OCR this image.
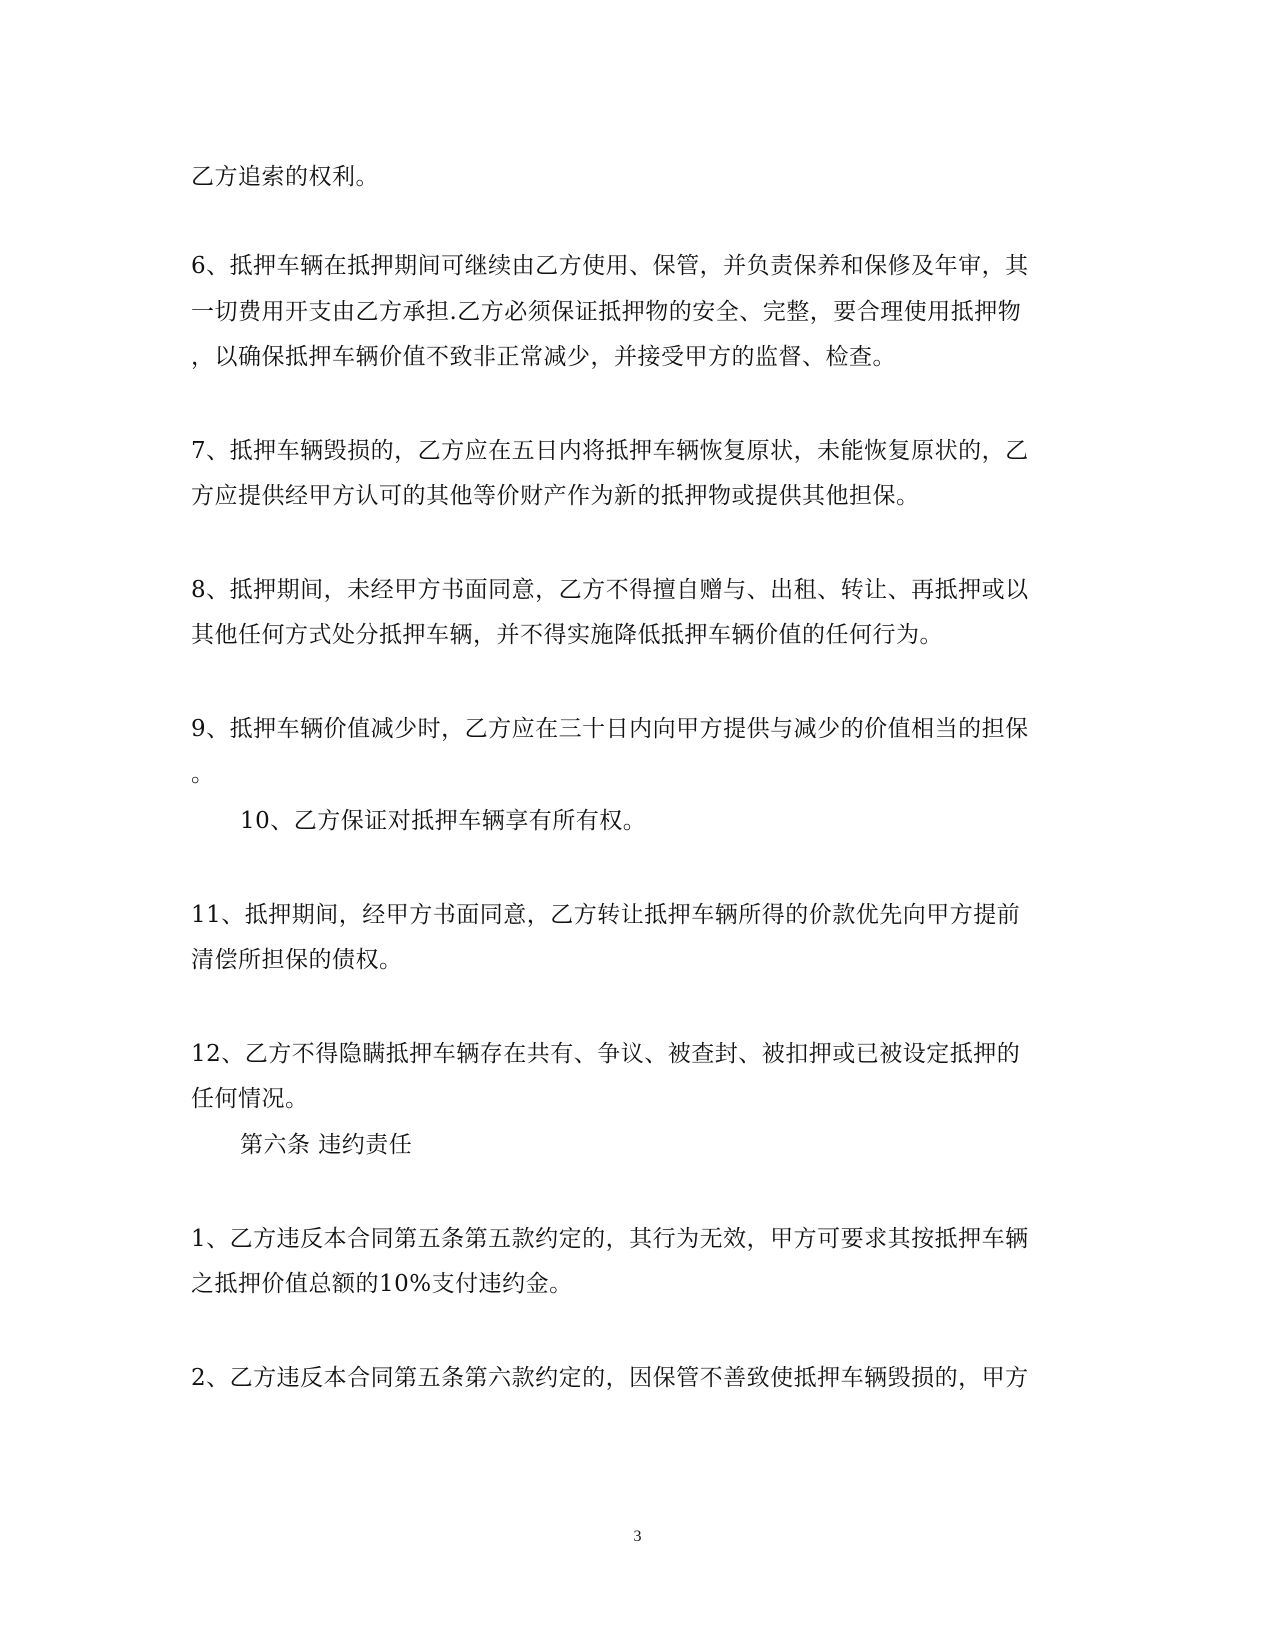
乙方追索的权利。
6、抵押车辆在抵押期间可继续由乙方使用、保管，并负责保养和保修及年审，其
一切费用开支由乙方承担.乙方必须保证抵押物的安全、完整，要合理使用抵押物
，以确保抵押车辆价值不致非正常减少，并接受甲方的监督、检查。
7、抵押车辆毁损的，乙方应在五日内将抵押车辆恢复原状，未能恢复原状的，乙
方应提供经甲方认可的其他等价财产作为新的抵押物或提供其他担保。
8、抵押期间，未经甲方书面同意，乙方不得擅自赠与、出租、转让、再抵押或以
其他任何方式处分抵押车辆，并不得实施降低抵押车辆价值的任何行为。
9、抵押车辆价值减少时，乙方应在三十日内向甲方提供与减少的价值相当的担保
。
10、乙方保证对抵押车辆享有所有权。
11、抵押期间，经甲方书面同意，乙方转让抵押车辆所得的价款优先向甲方提前
清偿所担保的债权。
12、乙方不得隐瞒抵押车辆存在共有、争议、被查封、被扣押或已被设定抵押的
任何情况。
第六条 违约责任
1、乙方违反本合同第五条第五款约定的，其行为无效，甲方可要求其按抵押车辆
之抵押价值总额的10%支付违约金。
2、乙方违反本合同第五条第六款约定的，因保管不善致使抵押车辆毁损的，甲方
3
